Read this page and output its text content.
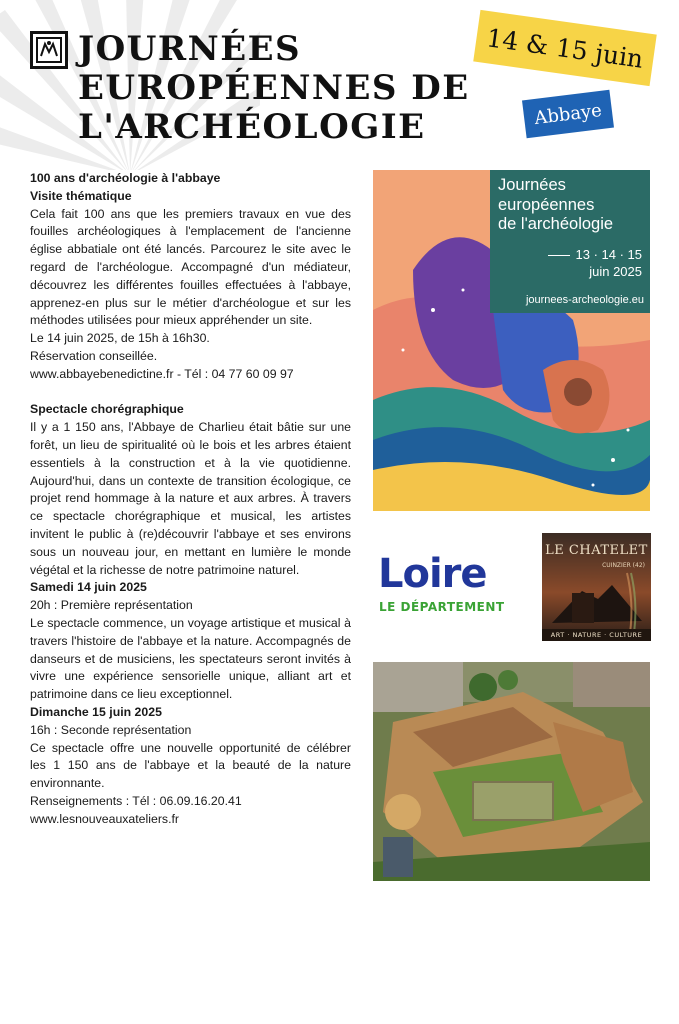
JOURNÉES
EUROPÉENNES DE
L'ARCHÉOLOGIE
14 & 15 juin
Abbaye
100 ans d'archéologie à l'abbaye
Visite thématique

Cela fait 100 ans que les premiers travaux en vue des fouilles archéologiques à l'emplacement de l'ancienne église abbatiale ont été lancés. Parcourez le site avec le regard de l'archéologue. Accompagné d'un médiateur, découvrez les différentes fouilles effectuées à l'abbaye, apprenez-en plus sur le métier d'archéologue et sur les méthodes utilisées pour mieux appréhender un site.

Le 14 juin 2025, de 15h à 16h30.
Réservation conseillée.
www.abbayebenedictine.fr - Tél : 04 77 60 09 97
Spectacle chorégraphique

Il y a 1 150 ans, l'Abbaye de Charlieu était bâtie sur une forêt, un lieu de spiritualité où le bois et les arbres étaient essentiels à la construction et à la vie quotidienne. Aujourd'hui, dans un contexte de transition écologique, ce projet rend hommage à la nature et aux arbres. À travers ce spectacle chorégraphique et musical, les artistes invitent le public à (re)découvrir l'abbaye et ses environs sous un nouveau jour, en mettant en lumière le monde végétal et la richesse de notre patrimoine naturel.

Samedi 14 juin 2025
20h : Première représentation

Le spectacle commence, un voyage artistique et musical à travers l'histoire de l'abbaye et la nature. Accompagnés de danseurs et de musiciens, les spectateurs seront invités à vivre une expérience sensorielle unique, alliant art et patrimoine dans ce lieu exceptionnel.

Dimanche 15 juin 2025
16h : Seconde représentation

Ce spectacle offre une nouvelle opportunité de célébrer les 1 150 ans de l'abbaye et la beauté de la nature environnante.

Renseignements : Tél : 06.09.16.20.41
www.lesnouveauxateliers.fr
Journées
européennes
de l'archéologie
13 · 14 · 15
juin 2025
journees-archeologie.eu
Loire
LE DÉPARTEMENT
LE CHATELET
CUINZIER (42)
ART · NATURE · CULTURE
